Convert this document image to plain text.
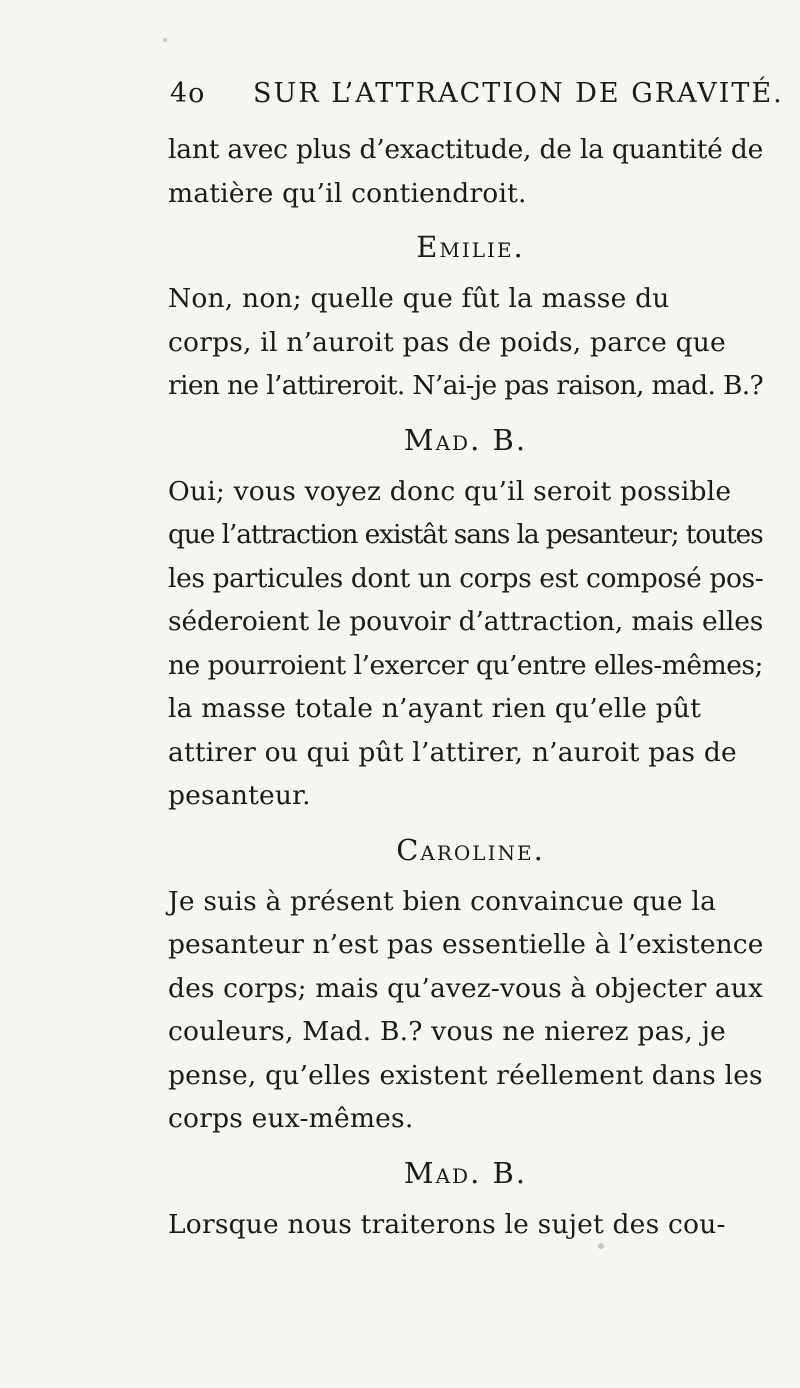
4o SUR L’ATTRACTION DE GRAVITÉ.

lant avec plus d’exactitude, de la quantité de
matière qu’il contiendroit.

Emilie.

Non, non; quelle que fût la masse du
corps, il n’auroit pas de poids, parce que
rien ne l’attireroit. N’ai-je pas raison, mad. B.?

Mad. B.

Oui; vous voyez donc qu’il seroit possible
que l’attraction existât sans la pesanteur; toutes
les particules dont un corps est composé pos-
séderoient le pouvoir d’attraction, mais elles
ne pourroient l’exercer qu’entre elles-mêmes;
la masse totale n’ayant rien qu’elle pût
attirer ou qui pût l’attirer, n’auroit pas de
pesanteur.

Caroline.

Je suis à présent bien convaincue que la
pesanteur n’est pas essentielle à l’existence
des corps; mais qu’avez-vous à objecter aux
couleurs, Mad. B.? vous ne nierez pas, je
pense, qu’elles existent réellement dans les
corps eux-mêmes.

Mad. B.

Lorsque nous traiterons le sujet des cou-
